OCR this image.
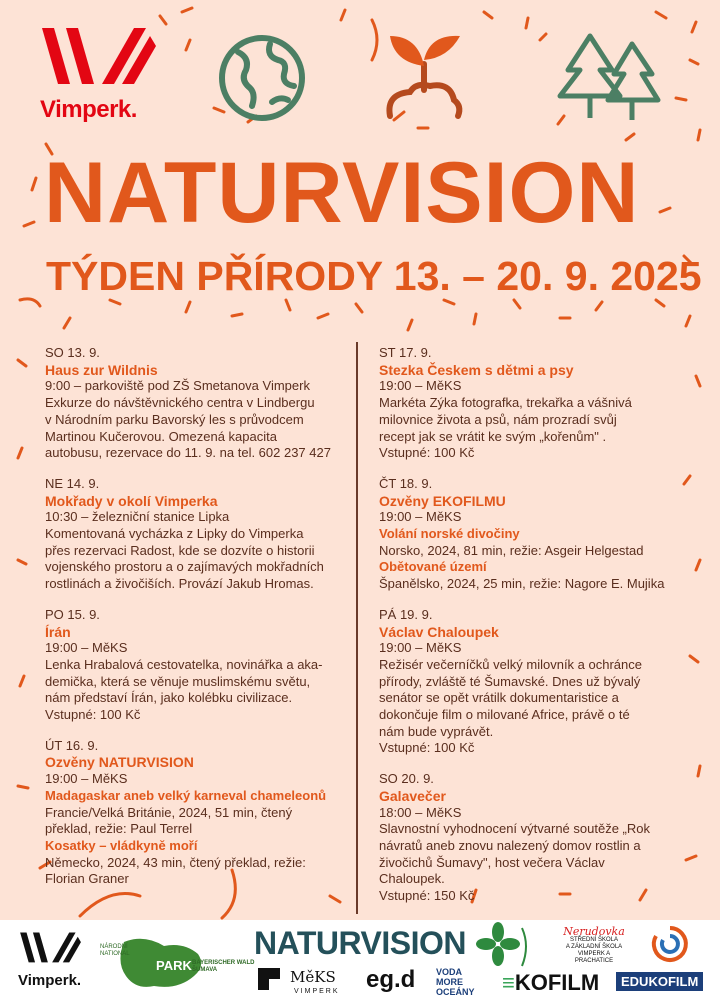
Vimperk.
NATURVISION
TÝDEN PŘÍRODY 13. – 20. 9. 2025
SO 13. 9.
Haus zur Wildnis
9:00 – parkoviště pod ZŠ Smetanova Vimperk
Exkurze do návštěvnického centra v Lindbergu
v Národním parku Bavorský les s průvodcem
Martinou Kučerovou. Omezená kapacita
autobusu, rezervace do 11. 9. na tel. 602 237 427
NE 14. 9.
Mokřady v okolí Vimperka
10:30 – železniční stanice Lipka
Komentovaná vycházka z Lipky do Vimperka
přes rezervaci Radost, kde se dozvíte o historii
vojenského prostoru a o zajímavých mokřadních
rostlinách a živočiších. Provází Jakub Hromas.
PO 15. 9.
Írán
19:00 – MěKS
Lenka Hrabalová cestovatelka, novinářka a aka-
demička, která se věnuje muslimskému světu,
nám představí Írán, jako kolébku civilizace.
Vstupné: 100 Kč
ÚT 16. 9.
Ozvěny NATURVISION
19:00 – MěKS
Madagaskar aneb velký karneval chameleonů
Francie/Velká Británie, 2024, 51 min, čtený
překlad, režie: Paul Terrel
Kosatky – vládkyně moří
Německo, 2024, 43 min, čtený překlad, režie:
Florian Graner
ST 17. 9.
Stezka Českem s dětmi a psy
19:00 – MěKS
Markéta Zýka fotografka, trekařka a vášnivá
milovnice života a psů, nám prozradí svůj
recept jak se vrátit ke svým „kořenům" .
Vstupné: 100 Kč
ČT 18. 9.
Ozvěny EKOFILMU
19:00 – MěKS
Volání norské divočiny
Norsko, 2024, 81 min, režie: Asgeir Helgestad
Obětované území
Španělsko, 2024, 25 min, režie: Nagore E. Mujika
PÁ 19. 9.
Václav Chaloupek
19:00 – MěKS
Režisér večerníčků velký milovník a ochránce
přírody, zvláště té Šumavské. Dnes už bývalý
senátor se opět vrátilk dokumentaristice a
dokončuje film o milované Africe, právě o té
nám bude vyprávět.
Vstupné: 100 Kč
SO 20. 9.
Galavečer
18:00 – MěKS
Slavnostní vyhodnocení výtvarné soutěže „Rok
návratů aneb znovu nalezený domov rostlin a
živočichů Šumavy", host večera Václav
Chaloupek.
Vstupné: 150 Kč
Vimperk.
NÁRODNÍ
NATIONAL
PARK BAYERISCHER WALD
ŠUMAVA
NATURVISION
MěKS
VIMPERK eg.d VODA
MORE
OCEÁNY ≡KOFILM	EDUKOFILM
Nerudovka
STŘEDNÍ ŠKOLA
A ZÁKLADNÍ ŠKOLA
VIMPERK A PRACHATICE
